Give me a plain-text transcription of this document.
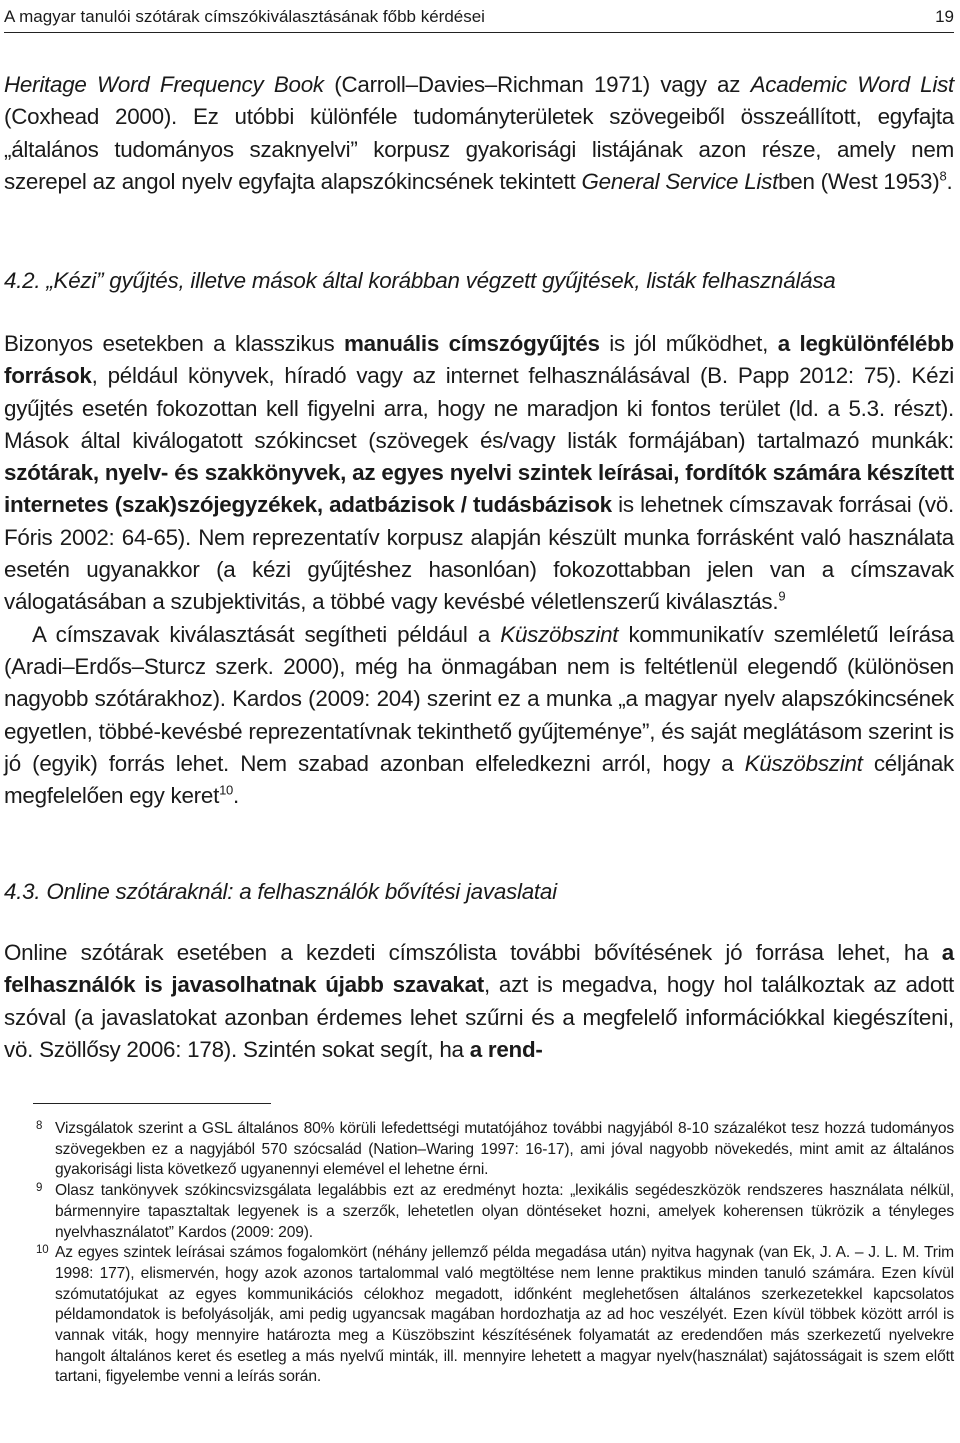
A magyar tanulói szótárak címszókiválasztásának főbb kérdései	19

Heritage Word Frequency Book (Carroll–Davies–Richman 1971) vagy az Academic Word List (Coxhead 2000). Ez utóbbi különféle tudományterületek szövegeiből összeállított, egyfajta „általános tudományos szaknyelvi” korpusz gyakorisági listájának azon része, amely nem szerepel az angol nyelv egyfajta alapszókincsének tekintett General Service Listben (West 1953)$^8$.

4.2. „Kézi” gyűjtés, illetve mások által korábban végzett gyűjtések, listák felhasználása

Bizonyos esetekben a klasszikus manuális címszógyűjtés is jól működhet, a legkülönfélébb források, például könyvek, híradó vagy az internet felhasználásával (B. Papp 2012: 75). Kézi gyűjtés esetén fokozottan kell figyelni arra, hogy ne maradjon ki fontos terület (ld. a 5.3. részt). Mások által kiválogatott szókincset (szövegek és/vagy listák formájában) tartalmazó munkák: szótárak, nyelv- és szakkönyvek, az egyes nyelvi szintek leírásai, fordítók számára készített internetes (szak)szójegyzékek, adatbázisok / tudásbázisok is lehetnek címszavak forrásai (vö. Fóris 2002: 64-65). Nem reprezentatív korpusz alapján készült munka forrásként való használata esetén ugyanakkor (a kézi gyűjtéshez hasonlóan) fokozottabban jelen van a címszavak válogatásában a szubjektivitás, a többé vagy kevésbé véletlenszerű kiválasztás.$^9$

A címszavak kiválasztását segítheti például a Küszöbszint kommunikatív szemléletű leírása (Aradi–Erdős–Sturcz szerk. 2000), még ha önmagában nem is feltétlenül elegendő (különösen nagyobb szótárakhoz). Kardos (2009: 204) szerint ez a munka „a magyar nyelv alapszókincsének egyetlen, többé-kevésbé reprezentatívnak tekinthető gyűjteménye”, és saját meglátásom szerint is jó (egyik) forrás lehet. Nem szabad azonban elfeledkezni arról, hogy a Küszöbszint céljának megfelelően egy keret$^{10}$.

4.3. Online szótáraknál: a felhasználók bővítési javaslatai

Online szótárak esetében a kezdeti címszólista további bővítésének jó forrása lehet, ha a felhasználók is javasolhatnak újabb szavakat, azt is megadva, hogy hol találkoztak az adott szóval (a javaslatokat azonban érdemes lehet szűrni és a megfelelő információkkal kiegészíteni, vö. Szöllősy 2006: 178). Szintén sokat segít, ha a rend-

8 Vizsgálatok szerint a GSL általános 80% körüli lefedettségi mutatójához további nagyjából 8-10 százalékot tesz hozzá tudományos szövegekben ez a nagyjából 570 szócsalád (Nation–Waring 1997: 16-17), ami jóval nagyobb növekedés, mint amit az általános gyakorisági lista következő ugyanennyi elemével el lehetne érni.

9 Olasz tankönyvek szókincsvizsgálata legalábbis ezt az eredményt hozta: „lexikális segédeszközök rendszeres használata nélkül, bármennyire tapasztaltak legyenek is a szerzők, lehetetlen olyan döntéseket hozni, amelyek koherensen tükrözik a tényleges nyelvhasználatot” Kardos (2009: 209).

10 Az egyes szintek leírásai számos fogalomkört (néhány jellemző példa megadása után) nyitva hagynak (van Ek, J. A. – J. L. M. Trim 1998: 177), elismervén, hogy azok azonos tartalommal való megtöltése nem lenne praktikus minden tanuló számára. Ezen kívül szómutatójukat az egyes kommunikációs célokhoz megadott, időnként meglehetősen általános szerkezetekkel kapcsolatos példamondatok is befolyásolják, ami pedig ugyancsak magában hordozhatja az ad hoc veszélyét. Ezen kívül többek között arról is vannak viták, hogy mennyire határozta meg a Küszöbszint készítésének folyamatát az eredendően más szerkezetű nyelvekre hangolt általános keret és esetleg a más nyelvű minták, ill. mennyire lehetett a magyar nyelv(használat) sajátosságait is szem előtt tartani, figyelembe venni a leírás során.
